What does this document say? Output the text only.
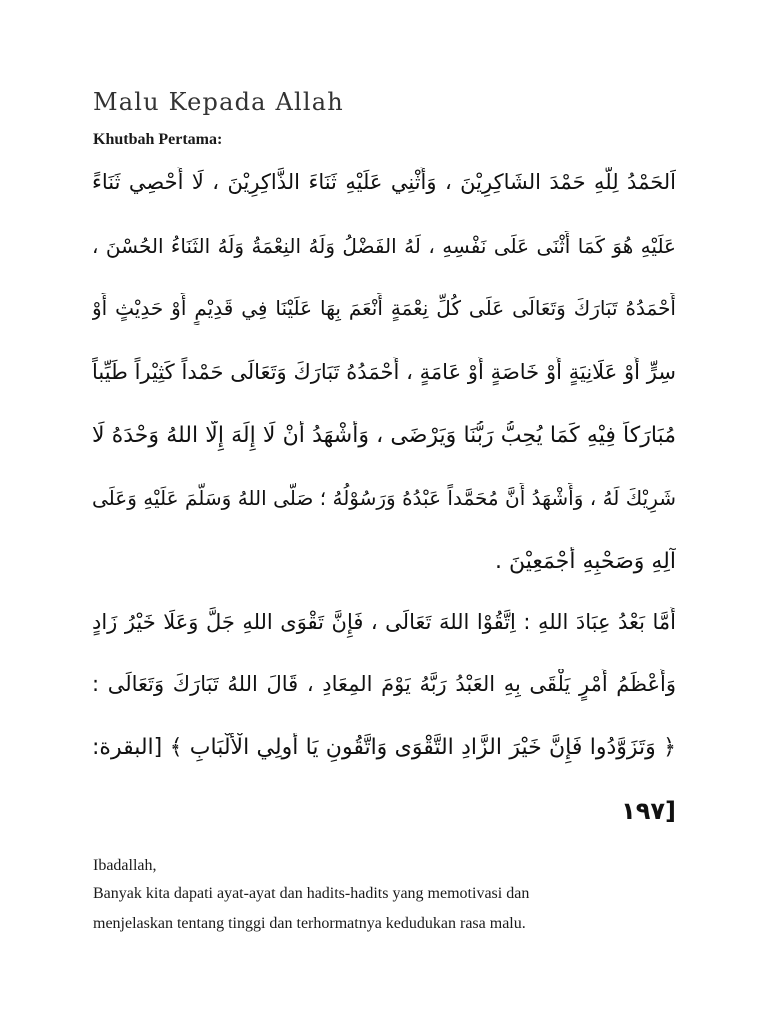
Malu Kepada Allah
Khutbah Pertama:
اَلحَمْدُ لِلّهِ حَمْدَ الشَاكِرِيْنَ ، وَأُثْنِي عَلَيْهِ ثَنَاءَ الذَّاكِرِيْنَ ، لَا أُحْصِي ثَنَاءً
عَلَيْهِ هُوَ كَمَا أَثْنَى عَلَى نَفْسِهِ ، لَهُ الفَضْلُ وَلَهُ النِعْمَةُ وَلَهُ الثَنَاءُ الحُسْنَ ،
أَحْمَدُهُ تَبَارَكَ وَتَعَالَى عَلَى كُلِّ نِعْمَةٍ أَنْعَمَ بِهَا عَلَيْنَا فِي قَدِيْمٍ أَوْ حَدِيْثٍ أَوْ
سِرٍّ أَوْ عَلَانِيَةٍ أَوْ خَاصَةٍ أَوْ عَامَةٍ ، أَحْمَدُهُ تَبَارَكَ وَتَعَالَى حَمْداً كَثِيْراً طَيِّباً
مُبَارَكاً فِيْهِ كَمَا يُحِبُّ رَبُّنَا وَيَرْضَى ، وَأَشْهَدُ أَنْ لَا إِلَهَ إِلَّا اللهُ وَحْدَهُ لَا
شَرِيْكَ لَهُ ، وَأَشْهَدُ أَنَّ مُحَمَّداً عَبْدُهُ وَرَسُوْلُهُ ؛ صَلَّى اللهُ وَسَلَّمَ عَلَيْهِ وَعَلَى
آلِهِ وَصَحْبِهِ أَجْمَعِيْنَ .
أَمَّا بَعْدُ عِبَادَ اللهِ : اِتَّقُوْا اللهَ تَعَالَى ، فَإِنَّ تَقْوَى اللهِ جَلَّ وَعَلَا خَيْرُ زَادٍ
وَأَعْظَمُ أَمْرٍ يَلْقَى بِهِ العَبْدُ رَبَّهُ يَوْمَ المِعَادِ ، قَالَ اللهُ تَبَارَكَ وَتَعَالَى :
﴿ وَتَزَوَّدُوا فَإِنَّ خَيْرَ الزَّادِ التَّقْوَى وَاتَّقُونِ يَا أُولِي الْأَلْبَابِ ﴾ [البقرة:
[١٩٧
Ibadallah,
Banyak kita dapati ayat-ayat dan hadits-hadits yang memotivasi dan
menjelaskan tentang tinggi dan terhormatnya kedudukan rasa malu.
